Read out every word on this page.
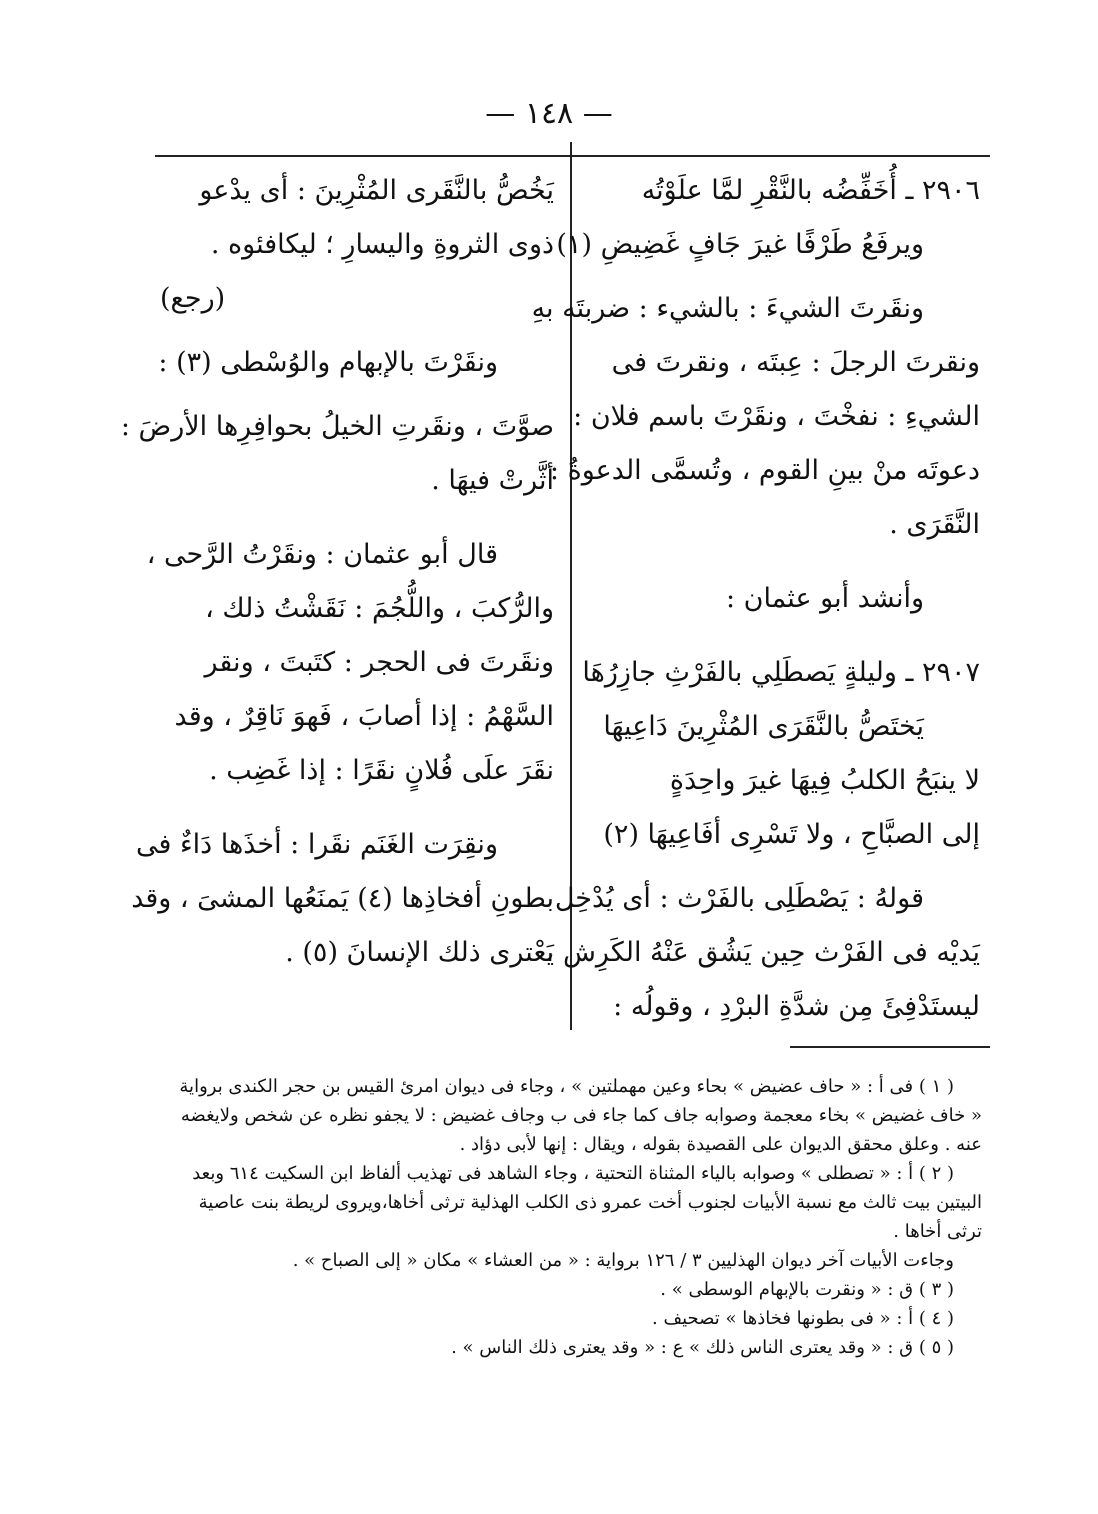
— ١٤٨ —
٢٩٠٦ ـ أُخَفِّضُه بالنَّقْرِ لمَّا علَوْتُه
ويرفَعُ طَرْفًا غيرَ جَافٍ غَضِيضِ (١)
ونقَرتَ الشيءَ : بالشيء : ضربتَه بهِ
ونقرتَ الرجلَ : عِبتَه ، ونقرتَ فى
الشيءِ : نفخْتَ ، ونقَرْتَ باسم فلان :
دعوتَه منْ بينِ القوم ، وتُسمَّى الدعوةُ :
النَّقَرَى .
وأنشد أبو عثمان :
٢٩٠٧ ـ وليلةٍ يَصطَلِي بالفَرْثِ جازِرُهَا
يَختَصُّ بالنَّقَرَى المُثْرِينَ دَاعِيهَا
لا ينبَحُ الكلبُ فِيهَا غيرَ واحِدَةٍ
إلى الصبَّاحِ ، ولا تَسْرِى أفَاعِيهَا (٢)
قولهُ : يَصْطَلِى بالفَرْث : أى يُدْخِل
يَديْه فى الفَرْث حِين يَشُق عَنْهُ الكَرِش ،
ليستَدْفِئَ مِن شدَّةِ البرْدِ ، وقولُه :
يَخُصُّ بالنَّقَرى المُثْرِينَ : أى يدْعو
ذوى الثروةِ واليسارِ ؛ ليكافئوه .
(رجع)
ونقَرْتَ بالإبهام والوُسْطى (٣) :
صوَّتَ ، ونقَرتِ الخيلُ بحوافِرِها الأرضَ :
أثَّرتْ فيهَا .
قال أبو عثمان : ونقَرْتُ الرَّحى ،
والرُّكبَ ، واللُّجُمَ : نَقَشْتُ ذلك ،
ونقَرتَ فى الحجر : كتَبتَ ، ونقر
السَّهْمُ : إذا أصابَ ، فَهوَ نَاقِرٌ ، وقد
نقَرَ علَى فُلانٍ نقَرًا : إذا غَضِب .
ونقِرَت الغَنَم نقَرا : أخذَها دَاءٌ فى
بطونِ أفخاذِها (٤) يَمنَعُها المشىَ ، وقد
يَعْترى ذلك الإنسانَ (٥) .
( ١ ) فى أ : « حاف عضيض » بحاء وعين مهملتين » ، وجاء فى ديوان امرئ القيس بن حجر الكندى برواية
« خاف غضيض » بخاء معجمة وصوابه جاف كما جاء فى ب وجاف غضيض : لا يجفو نظره عن شخص ولايغضه
عنه . وعلق محقق الديوان على القصيدة بقوله ، ويقال : إنها لأبى دؤاد .
( ٢ ) أ : « تصطلى » وصوابه بالياء المثناة التحتية ، وجاء الشاهد فى تهذيب ألفاظ ابن السكيت ٦١٤ وبعد
البيتين بيت ثالث مع نسبة الأبيات لجنوب أخت عمرو ذى الكلب الهذلية ترثى أخاها،ويروى لريطة بنت عاصية
ترثى أخاها .
وجاءت الأبيات آخر ديوان الهذليين ٣ / ١٢٦ برواية : « من العشاء » مكان « إلى الصباح » .
( ٣ ) ق : « ونقرت بالإبهام الوسطى » .
( ٤ ) أ : « فى بطونها فخاذها » تصحيف .
( ٥ ) ق : « وقد يعترى الناس ذلك » ع : « وقد يعترى ذلك الناس » .
